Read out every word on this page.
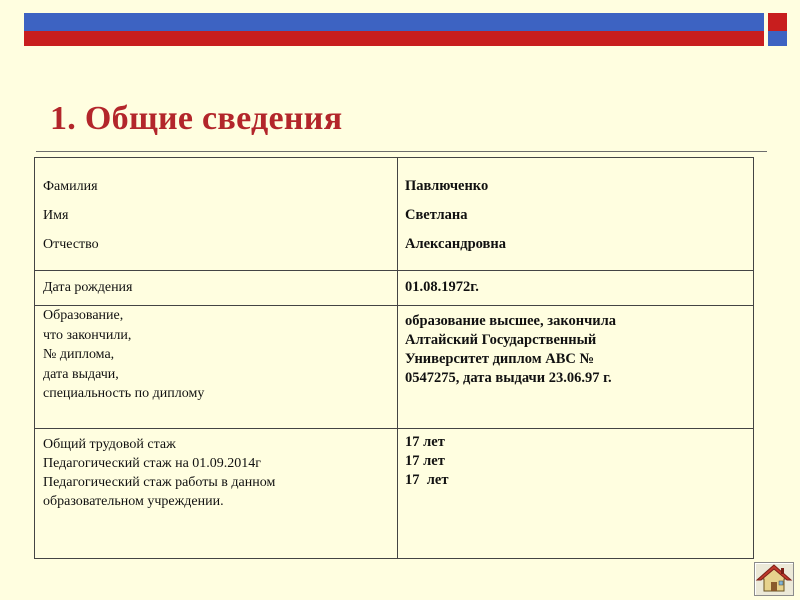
1. Общие сведения
Фамилия
Имя
Отчество
Павлюченко
Светлана
Александровна
Дата рождения	01.08.1972г.
Образование,
что закончили,
№ диплома,
дата выдачи,
специальность по диплому
образование высшее, закончила
Алтайский Государственный
Университет диплом АВС №
0547275, дата выдачи 23.06.97 г.
Общий трудовой стаж
Педагогический стаж на 01.09.2014г
Педагогический стаж работы в данном
образовательном учреждении.
17 лет
17 лет
17  лет
